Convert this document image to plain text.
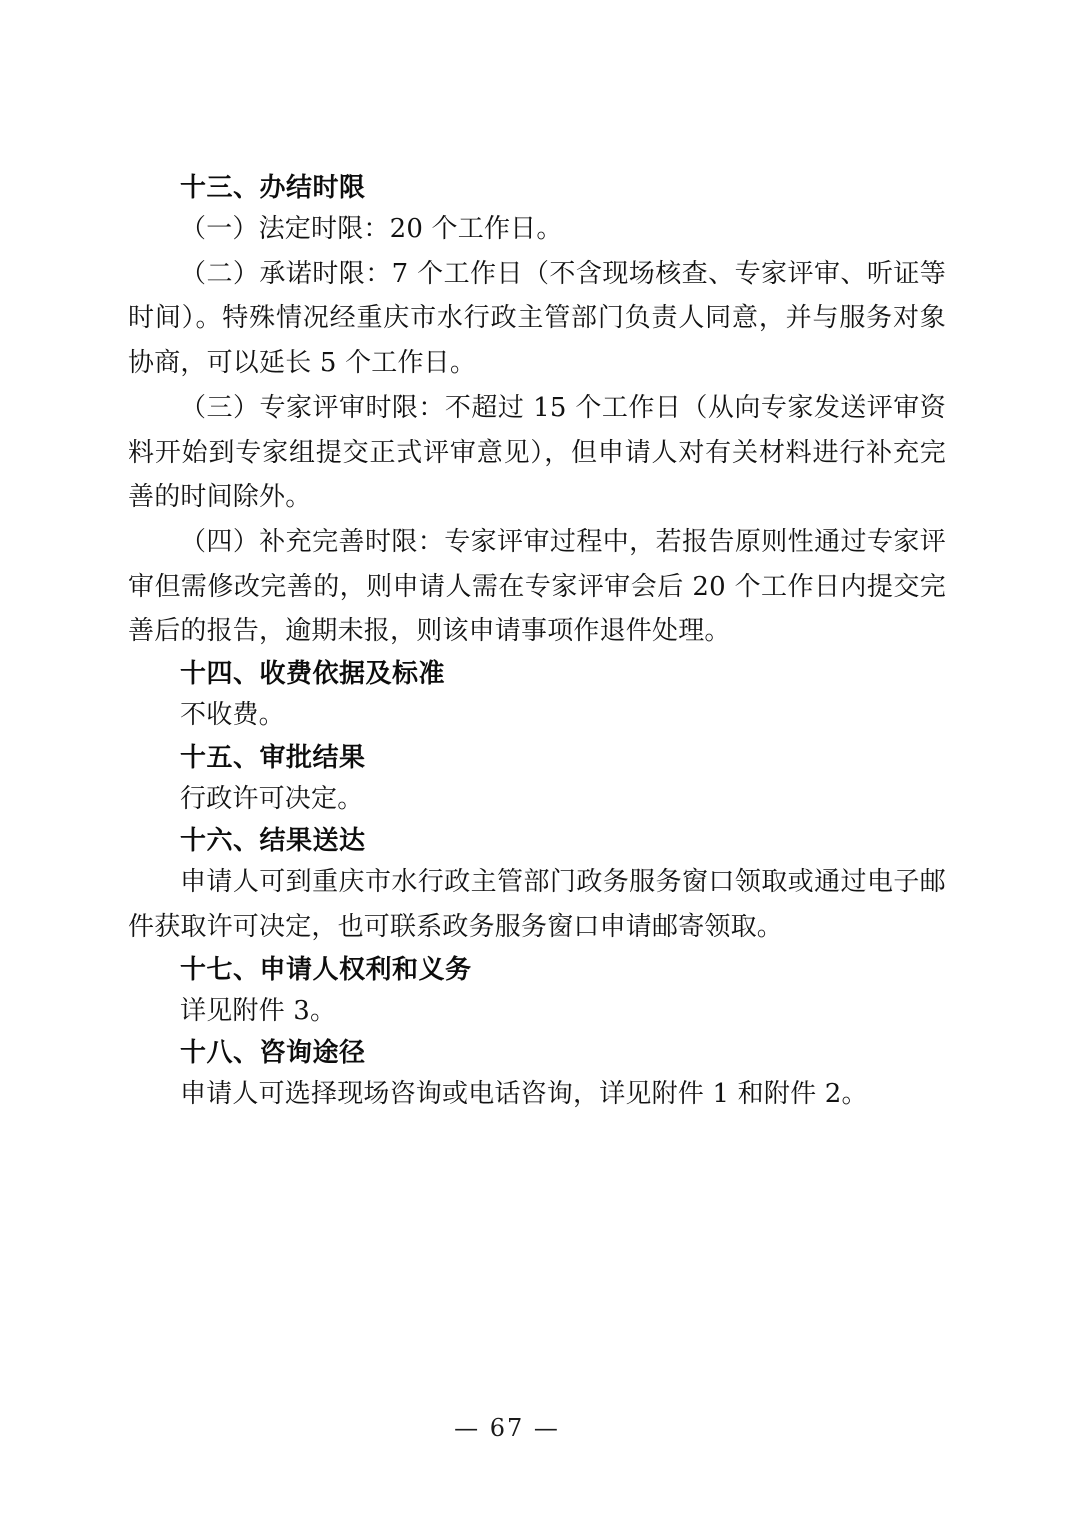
十三、办结时限

（一）法定时限：20 个工作日。

（二）承诺时限：7 个工作日（不含现场核查、专家评审、听证等时间）。特殊情况经重庆市水行政主管部门负责人同意，并与服务对象协商，可以延长 5 个工作日。

（三）专家评审时限：不超过 15 个工作日（从向专家发送评审资料开始到专家组提交正式评审意见），但申请人对有关材料进行补充完善的时间除外。

（四）补充完善时限：专家评审过程中，若报告原则性通过专家评审但需修改完善的，则申请人需在专家评审会后 20 个工作日内提交完善后的报告，逾期未报，则该申请事项作退件处理。

十四、收费依据及标准

不收费。

十五、审批结果

行政许可决定。

十六、结果送达

申请人可到重庆市水行政主管部门政务服务窗口领取或通过电子邮件获取许可决定，也可联系政务服务窗口申请邮寄领取。

十七、申请人权利和义务

详见附件 3。

十八、咨询途径

申请人可选择现场咨询或电话咨询，详见附件 1 和附件 2。

— 67 —
